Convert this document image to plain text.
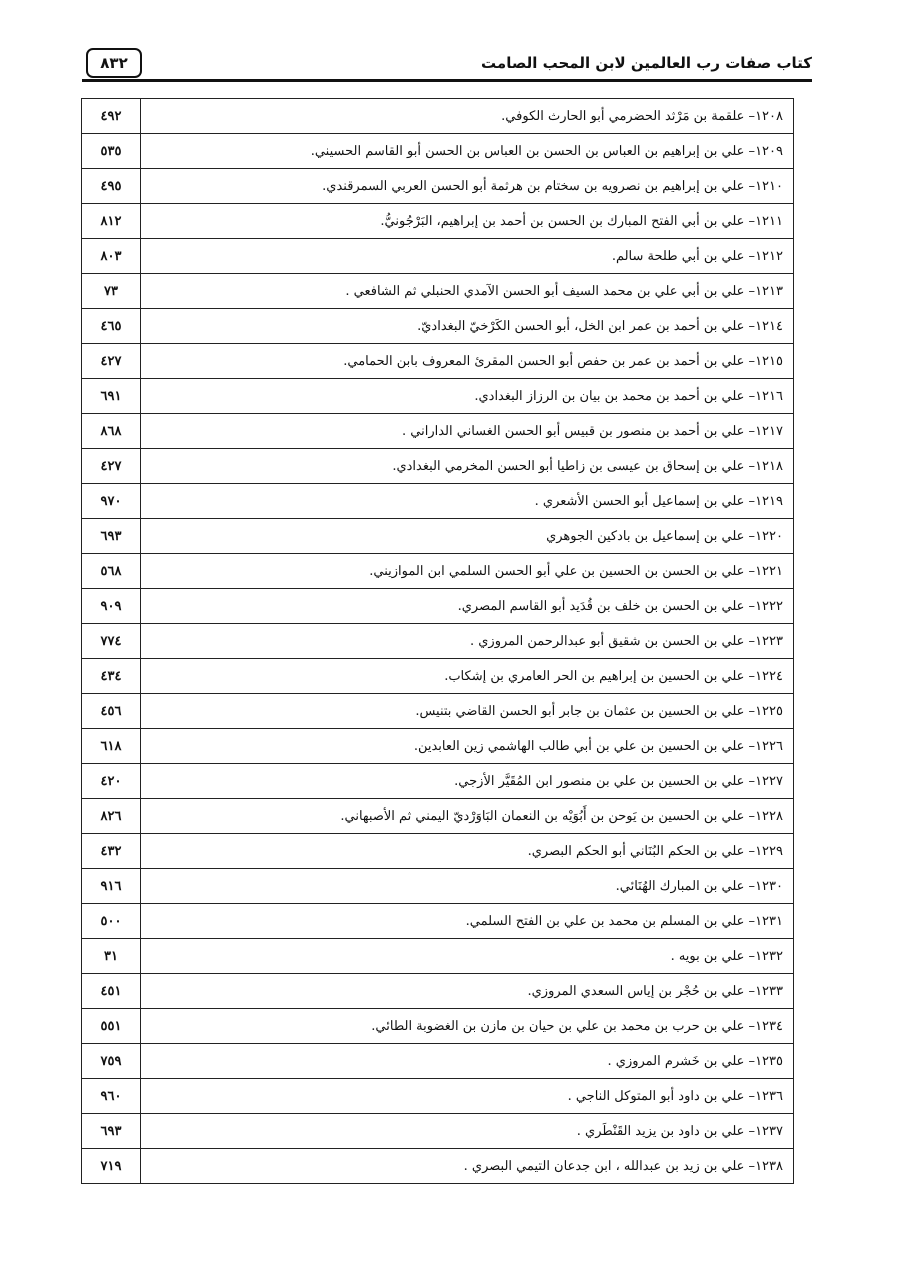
كتاب صفات رب العالمين لابن المحب الصامت
٨٣٢
٤٩٢	١٢٠٨– علقمة بن مَرْثد الحضرمي أبو الحارث الكوفي.
٥٣٥	١٢٠٩– علي بن إبراهيم بن العباس بن الحسن بن العباس بن الحسن أبو القاسم الحسيني.
٤٩٥	١٢١٠– علي بن إبراهيم بن نصرويه بن سختام بن هرثمة أبو الحسن العربي السمرقندي.
٨١٢	١٢١١– علي بن أبي الفتح المبارك بن الحسن بن أحمد بن إبراهيم، البَرْجُونيُّ.
٨٠٣	١٢١٢– علي بن أبي طلحة سالم.
٧٣	١٢١٣– علي بن أبي علي بن محمد السيف أبو الحسن الآمدي الحنبلي ثم الشافعي .
٤٦٥	١٢١٤– علي بن أحمد بن عمر ابن الخل، أبو الحسن الكَرْخيّ البغداديّ.
٤٢٧	١٢١٥– علي بن أحمد بن عمر بن حفص أبو الحسن المقرئ المعروف بابن الحمامي.
٦٩١	١٢١٦– علي بن أحمد بن محمد بن بيان بن الرزاز البغدادي.
٨٦٨	١٢١٧– علي بن أحمد بن منصور بن قبيس أبو الحسن الغساني الداراني .
٤٢٧	١٢١٨– علي بن إسحاق بن عيسى بن زاطيا أبو الحسن المخرمي البغدادي.
٩٧٠	١٢١٩– علي بن إسماعيل أبو الحسن الأشعري .
٦٩٣	١٢٢٠– علي بن إسماعيل بن بادكين الجوهري
٥٦٨	١٢٢١– علي بن الحسن بن الحسين بن علي أبو الحسن السلمي ابن الموازيني.
٩٠٩	١٢٢٢– علي بن الحسن بن خلف بن قُدَيد أبو القاسم المصري.
٧٧٤	١٢٢٣– علي بن الحسن بن شقيق أبو عبدالرحمن المروزي .
٤٣٤	١٢٢٤– علي بن الحسين بن إبراهيم بن الحر العامري بن إشكاب.
٤٥٦	١٢٢٥– علي بن الحسين بن عثمان بن جابر أبو الحسن القاضي بتنيس.
٦١٨	١٢٢٦– علي بن الحسين بن علي بن أبي طالب الهاشمي زين العابدين.
٤٢٠	١٢٢٧– علي بن الحسين بن علي بن منصور ابن المُقَيَّر الأزجي.
٨٢٦	١٢٢٨– علي بن الحسين بن يَوحن بن أَبُوَيْه بن النعمان البَاوَرْديّ اليمني ثم الأصبهاني.
٤٣٢	١٢٢٩– علي بن الحكم البُنَاني أبو الحكم البصري.
٩١٦	١٢٣٠– علي بن المبارك الهُنَائي.
٥٠٠	١٢٣١– علي بن المسلم بن محمد بن علي بن الفتح السلمي.
٣١	١٢٣٢– علي بن بويه .
٤٥١	١٢٣٣– علي بن حُجْر بن إياس السعدي المروزي.
٥٥١	١٢٣٤– علي بن حرب بن محمد بن علي بن حيان بن مازن بن الغضوبة الطائي.
٧٥٩	١٢٣٥– علي بن خَشرم المروزي .
٩٦٠	١٢٣٦– علي بن داود أبو المتوكل الناجي .
٦٩٣	١٢٣٧– علي بن داود بن يزيد القَنْطَري .
٧١٩	١٢٣٨– علي بن زيد بن عبدالله ، ابن جدعان التيمي البصري .
